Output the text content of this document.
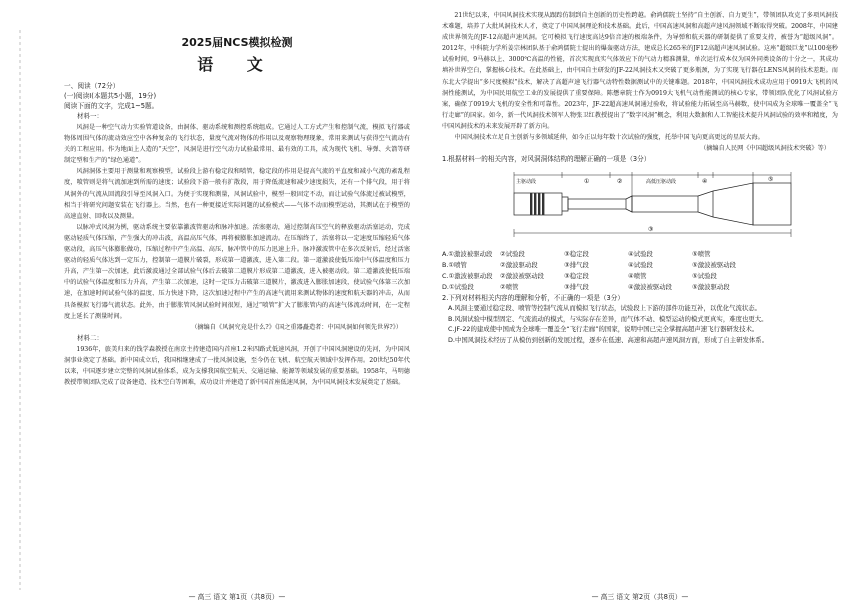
2025届NCS模拟检测
语 文
一、阅读（72分）
(一)阅读Ⅰ(本题共5小题，19分)
阅读下面的文字，完成1~5题。
材料一：
风洞是一种空气动力实验管道设备，由洞体、驱动系统和测控系统组成。它通过人工方式产生和控制气流，模拟飞行器或物体周围气体的流动效应空中各种复杂的飞行状态，量度气流对物体的作用以及观察物理现象，常用来测试与获得空气流动有关的工程应用。作为地面上人造的“天空”，风洞是进行空气动力试验最常用、最有效的工具，成为现代飞机、导弹、火箭等研制定型和生产的“绿色通道”。
风洞洞体主要用于测量和观察模型，试验段上游有稳定段和喷管，稳定段的作用是提高气流的平直度和减小气流的紊乱程度，喷管则是将气流加速到所需的速度；试验段下游一般有扩散段，用于降低流速和减少速度损失，还有一个排气段，用于将风洞外的气流从回流段引导至风洞入口。为便于实现和测量，风洞试验中，模型一般固定不动，而让试验气体流过被试模型，相当于将研究问题安装在飞行器上。当然，也有一种更接近实际问题的试验模式——气体不动而模型运动，其测试在于模型的高速直射、回收以及测量。
以脉冲式风洞为例，驱动系统主要依靠激波管驱动和脉冲加速。活塞驱动，通过控制高压空气的释放驱动活塞运动，完成驱动轻质气体压缩，产生强大的冲击波，高温高压气体，再将被膨胀加速流动。在压缩终了，活塞将以一定速度压缩轻质气体驱动段，高压气体膨胀做功，压缩过程中产生高温、高压，脉冲管中的压力迅速上升。脉冲激波管中在多次反射后，经过活塞驱动的轻质气体达到一定压力，控制第一道膜片破裂，形成第一道激波，进入第二段。第一道激波使低压端中气体温度和压力升高，产生第一次加速，此后激波通过全部试验气体后去破第二道膜片形成第二道激波，进入被驱动段。第二道激波使低压端中的试验气体温度和压力升高，产生第二次加速，这时一定压力击破第三道膜片，激波进入膨胀加速段，使试验气体第三次加速，在加速时间试验气体的温度、压力快速下降，这次加速过程中产生的高速气流用来测试物体的速度和航天器的冲击，从而具备模拟飞行器气流状态。此外，由于膨胀管风洞试验时间很短，通过“喷管”扩大了膨胀管内的高速气体流动时间，在一定程度上延长了测量时间。
（摘编自《风洞究竟是什么?》《国之重器矗造者：中国风洞如何领先世界?》）
材料二：
1936年，旅美归来的钱学森教授在南京主持建造国内首座1.2米四路式低速风洞，开创了中国风洞建设的先河，为中国风洞事业奠定了基础。新中国成立后，我国相继建成了一批风洞设施，至今仍在飞机、航空航天领域中发挥作用。20世纪50年代以来，中国逐步建立完整的风洞试验体系，成为支撑我国航空航天、交通运输、能源等领域发展的重要基础。1958年，马明德教授带领团队完成了设备建造、技术空白等困难，成功设计并建造了新中国首座低速风洞，为中国风洞技术发展奠定了基础。
— 高三 语文 第1页（共8页）—
21世纪以来，中国风洞技术实现从跟踪仿制到自主创新的历史性跨越。俞鸿儒院士坚持“自主创新、自力更生”，带领团队攻克了多项风洞技术难题，培养了大批风洞技术人才，奠定了中国风洞理论和技术基础。此后，中国高速风洞和高超声速风洞领域不断取得突破。2008年，中国建成世界领先的JF-12高超声速风洞。它可模拟飞行速度高达9倍音速的极端条件，为导弹和航天器的研制提供了重要支持，被誉为“超级风洞”。2012年，中科院力学所姜宗林团队基于俞鸿儒院士提出的爆轰驱动方法，建成总长265米的JF12高超声速风洞试验。这座“超级巨龙”以100毫秒试验时间，9马赫以上、3000℃高温的性能，首次实现真实气体效应下的气动力精准测量，单次运行成本仅为国外同类设备的十分之一，其成功填补世界空白，掌握核心技术。在此基础上，由中国自主研发的JF-22风洞技术又突破了更多瓶颈，为了实现飞行器在LENS风洞的技术差距。而东北大学提出“多尺度模拟”技术，解决了高超声速飞行器气动特性数据测试中的关键难题。2018年，中国风洞技术成功应用于0919大飞机的风洞性能测试，为中国民用航空工业的发展提供了重要保障。陈懋章院士作为0919大飞机气动性能测试的核心专家，带领团队优化了风洞试验方案，确保了0919大飞机的安全性和可靠性。2023年，JF-22超高速风洞通过验收，将试验能力拓展至高马赫数，使中国成为全球唯一覆盖全“飞行走廊”的国家。如今，新一代风洞技术领军人物张卫红教授提出了“数字风洞”概念，利用大数据和人工智能技术提升风洞试验的效率和精度，为中国风洞技术的未来发展开辟了新方向。
中国风洞技术立足自主创新与多领域延伸，如今正以每年数十次试验的强度，托举中国飞向更高更远的星辰大海。
（摘编自人民网《中国超级风洞技术突破》等）
1.根据材料一的相关内容，对风洞洞体结构的理解正确的一项是（3分）
主驱动段	①	②	高低压驱动段	④	⑤
③
A.①激波被驱动段	②试验段	③稳定段	④试验段	⑤喷管
B.①喷管	②激波驱动段	③排气段	④试验段	⑤激波被驱动段
C.①激波被驱动段	②激波被驱动段	③稳定段	④喷管	⑤试验段
D.①试验段	②喷管	③排气段	④激波被驱动段	⑤激波驱动段
2.下列对材料相关内容的理解和分析，不正确的一项是（3分）
A.风洞主要通过稳定段、喷管等控制气流从而模拟飞行状态，试验段上下游的部件功能互补，以优化气流状态。
B.风洞试验中模型固定、气流流动的模式，与实际存在差异，而气体不动、模型运动的模式更真实，难度也更大。
C.JF-22的建成使中国成为全球唯一覆盖全“飞行走廊”的国家，说明中国已完全掌握高超声速飞行器研发技术。
D.中国风洞技术经历了从模仿到创新的发展过程，逐步在低速、高速和高超声速风洞方面，形成了自主研发体系。
— 高三 语文 第2页（共8页）—
